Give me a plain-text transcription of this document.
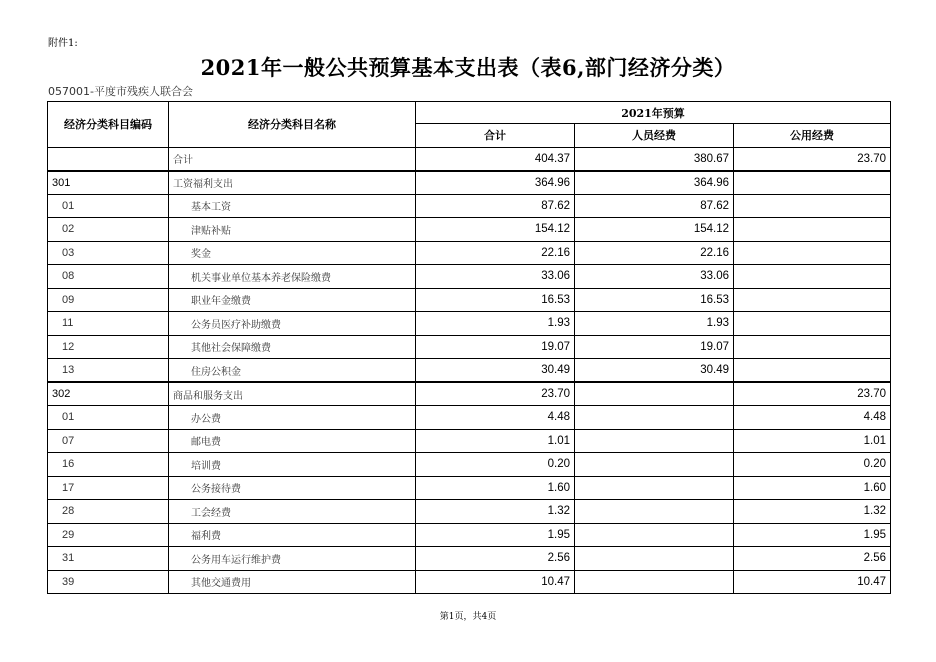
附件1:
2021年一般公共预算基本支出表（表6,部门经济分类）
057001-平度市残疾人联合会
经济分类科目编码	经济分类科目名称	2021年预算		
		合计	人员经费	公用经费
	合计	404.37	380.67	23.70
301	工资福利支出	364.96	364.96	
01	基本工资	87.62	87.62	
02	津贴补贴	154.12	154.12	
03	奖金	22.16	22.16	
08	机关事业单位基本养老保险缴费	33.06	33.06	
09	职业年金缴费	16.53	16.53	
11	公务员医疗补助缴费	1.93	1.93	
12	其他社会保障缴费	19.07	19.07	
13	住房公积金	30.49	30.49	
302	商品和服务支出	23.70		23.70
01	办公费	4.48		4.48
07	邮电费	1.01		1.01
16	培训费	0.20		0.20
17	公务接待费	1.60		1.60
28	工会经费	1.32		1.32
29	福利费	1.95		1.95
31	公务用车运行维护费	2.56		2.56
39	其他交通费用	10.47		10.47
第1页，共4页
